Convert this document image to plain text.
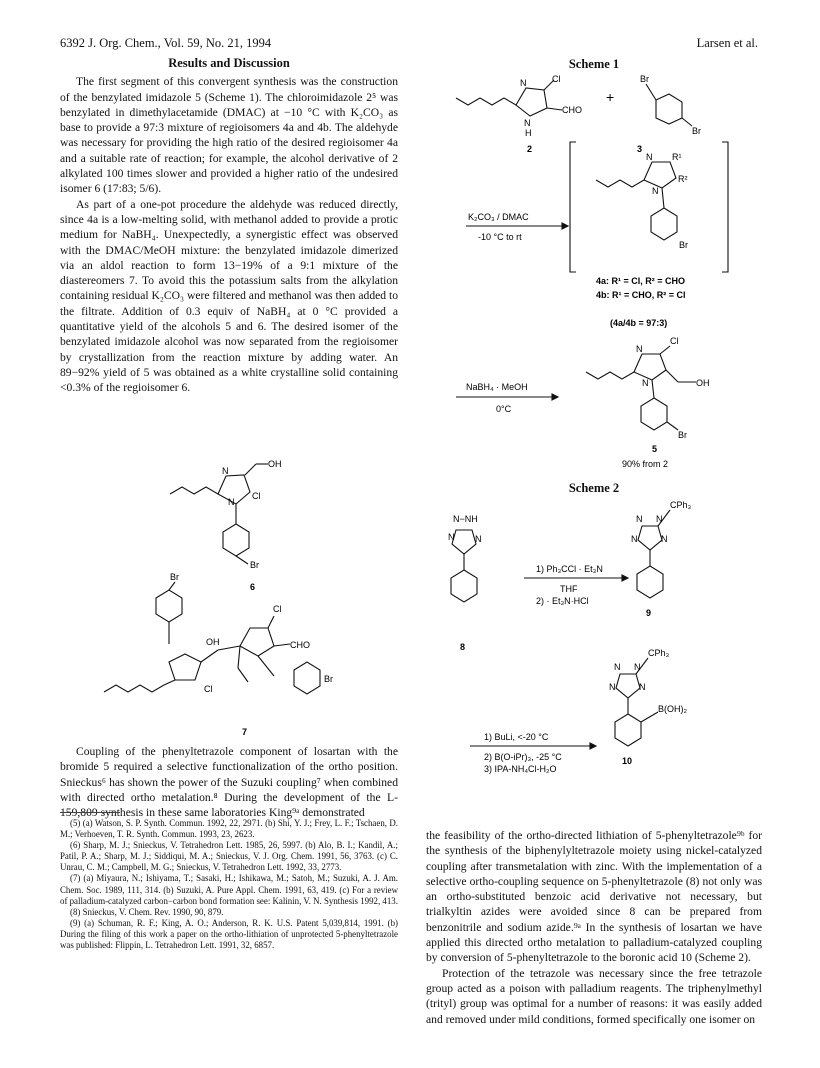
6392 J. Org. Chem., Vol. 59, No. 21, 1994	Larsen et al.
Results and Discussion

The first segment of this convergent synthesis was the construction of the benzylated imidazole 5 (Scheme 1). The chloroimidazole 2⁵ was benzylated in dimethylacetamide (DMAC) at −10 °C with K₂CO₃ as base to provide a 97:3 mixture of regioisomers 4a and 4b. The aldehyde was necessary for providing the high ratio of the desired regioisomer 4a and a suitable rate of reaction; for example, the alcohol derivative of 2 alkylated 100 times slower and provided a higher ratio of the undesired isomer 6 (17:83; 5/6).

As part of a one-pot procedure the aldehyde was reduced directly, since 4a is a low-melting solid, with methanol added to provide a protic medium for NaBH₄. Unexpectedly, a synergistic effect was observed with the DMAC/MeOH mixture: the benzylated imidazole dimerized via an aldol reaction to form 13−19% of a 9:1 mixture of the diastereomers 7. To avoid this the potassium salts from the alkylation containing residual K₂CO₃ were filtered and methanol was then added to the filtrate. Addition of 0.3 equiv of NaBH₄ at 0 °C provided a quantitative yield of the alcohols 5 and 6. The desired isomer of the benzylated imidazole alcohol was now separated from the regioisomer by crystallization from the reaction mixture by adding water. An 89−92% yield of 5 was obtained as a white crystalline solid containing <0.3% of the regioisomer 6.

N
OH
N
Cl
Br
6
Br
OH
Cl
CHO
Cl
Br
7

Coupling of the phenyltetrazole component of losartan with the bromide 5 required a selective functionalization of the ortho position. Snieckus⁶ has shown the power of the Suzuki coupling⁷ when combined with directed ortho metalation.⁸ During the development of the L-159,809 synthesis in these same laboratories King⁹ᵃ demonstrated

(5) (a) Watson, S. P. Synth. Commun. 1992, 22, 2971. (b) Shi, Y. J.; Frey, L. F.; Tschaen, D. M.; Verhoeven, T. R. Synth. Commun. 1993, 23, 2623.
(6) Sharp, M. J.; Snieckus, V. Tetrahedron Lett. 1985, 26, 5997. (b) Alo, B. I.; Kandil, A.; Patil, P. A.; Sharp, M. J.; Siddiqui, M. A.; Snieckus, V. J. Org. Chem. 1991, 56, 3763. (c) C. Unrau, C. M.; Campbell, M. G.; Snieckus, V. Tetrahedron Lett. 1992, 33, 2773.
(7) (a) Miyaura, N.; Ishiyama, T.; Sasaki, H.; Ishikawa, M.; Satoh, M.; Suzuki, A. J. Am. Chem. Soc. 1989, 111, 314. (b) Suzuki, A. Pure Appl. Chem. 1991, 63, 419. (c) For a review of palladium-catalyzed carbon−carbon bond formation see: Kalinin, V. N. Synthesis 1992, 413.
(8) Snieckus, V. Chem. Rev. 1990, 90, 879.
(9) (a) Schuman, R. F.; King, A. O.; Anderson, R. K. U.S. Patent 5,039,814, 1991. (b) During the filing of this work a paper on the ortho-lithiation of unprotected 5-phenyltetrazole was published: Flippin, L. Tetrahedron Lett. 1991, 32, 6857.
Scheme 1
N	Cl
N
H
CHO
2
+
Br
Br
3
N R¹
R²
N
Br
K₂CO₃ / DMAC
-10 °C to rt
4a: R¹ = Cl, R² = CHO
4b: R¹ = CHO, R² = Cl
(4a/4b = 97:3)
NaBH₄ · MeOH
0°C
N
Cl
OH
N
Br
5
90% from 2
Scheme 2
N−NH
N N
8
1) Ph₃CCl · Et₃N
THF
2) · Et₃N·HCl
CPh₃
N N
N	N
9
CPh₃
N N
N	N
B(OH)₂
10
1) BuLi, <-20 °C
2) B(O-iPr)₃, -25 °C
3) IPA-NH₄Cl-H₂O

the feasibility of the ortho-directed lithiation of 5-phenyltetrazole⁹ᵇ for the synthesis of the biphenylyltetrazole moiety using nickel-catalyzed coupling after transmetalation with zinc. With the implementation of a selective ortho-coupling sequence on 5-phenyltetrazole (8) not only was an ortho-substituted benzoic acid derivative not necessary, but trialkyltin azides were avoided since 8 can be prepared from benzonitrile and sodium azide.⁹ᵃ In the synthesis of losartan we have applied this directed ortho metalation to palladium-catalyzed coupling by conversion of 5-phenyltetrazole to the boronic acid 10 (Scheme 2).

Protection of the tetrazole was necessary since the free tetrazole group acted as a poison with palladium reagents. The triphenylmethyl (trityl) group was optimal for a number of reasons: it was easily added and removed under mild conditions, formed specifically one isomer on
